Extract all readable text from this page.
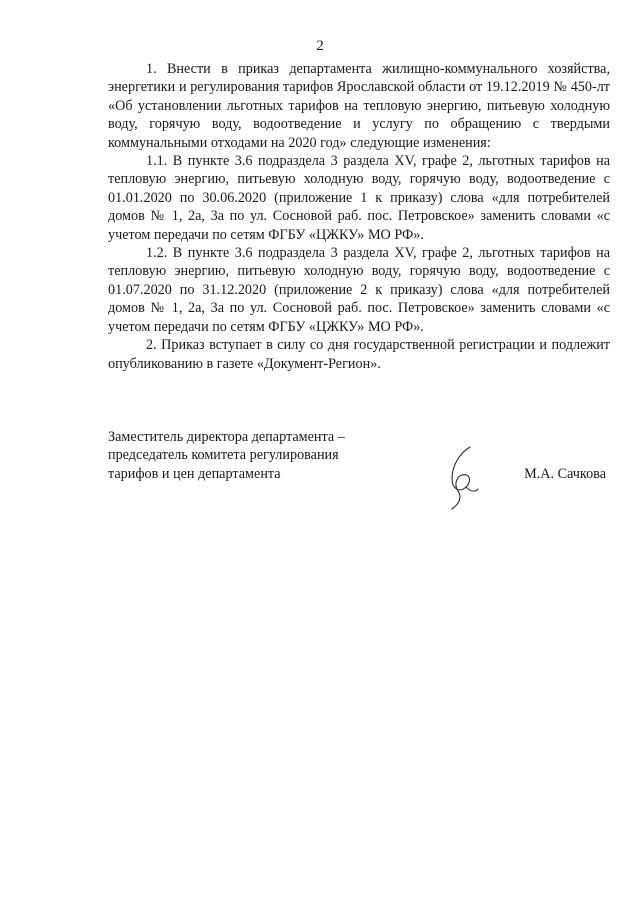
2

1. Внести в приказ департамента жилищно-коммунального хозяйства, энергетики и регулирования тарифов Ярославской области от 19.12.2019 № 450-лт «Об установлении льготных тарифов на тепловую энергию, питьевую холодную воду, горячую воду, водоотведение и услугу по обращению с твердыми коммунальными отходами на 2020 год» следующие изменения:

1.1. В пункте 3.6 подраздела 3 раздела XV, графе 2, льготных тарифов на тепловую энергию, питьевую холодную воду, горячую воду, водоотведение с 01.01.2020 по 30.06.2020 (приложение 1 к приказу) слова «для потребителей домов № 1, 2а, 3а по ул. Сосновой раб. пос. Петровское» заменить словами «с учетом передачи по сетям ФГБУ «ЦЖКУ» МО РФ».

1.2. В пункте 3.6 подраздела 3 раздела XV, графе 2, льготных тарифов на тепловую энергию, питьевую холодную воду, горячую воду, водоотведение с 01.07.2020 по 31.12.2020 (приложение 2 к приказу) слова «для потребителей домов № 1, 2а, 3а по ул. Сосновой раб. пос. Петровское» заменить словами «с учетом передачи по сетям ФГБУ «ЦЖКУ» МО РФ».

2. Приказ вступает в силу со дня государственной регистрации и подлежит опубликованию в газете «Документ-Регион».

Заместитель директора департамента –
председатель комитета регулирования
тарифов и цен департамента	М.А. Сачкова
